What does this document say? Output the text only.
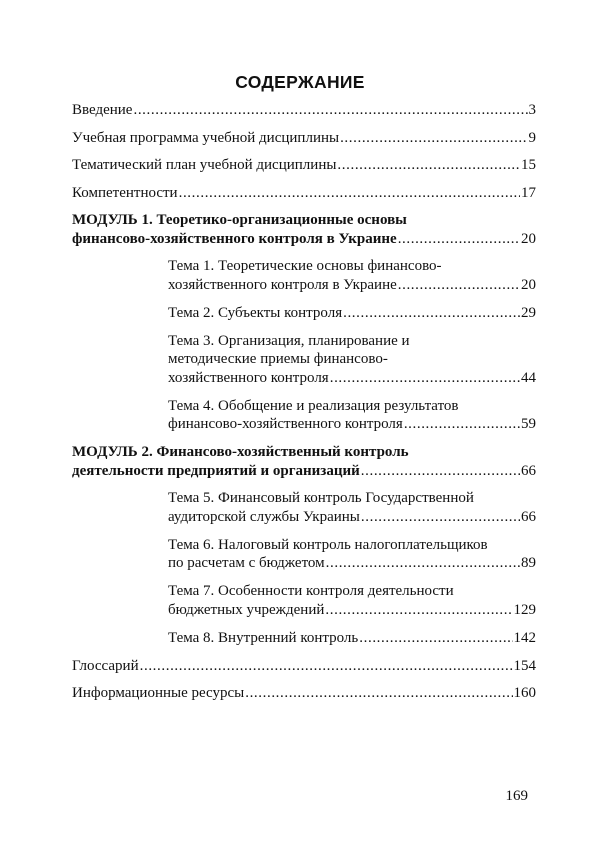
СОДЕРЖАНИЕ
Введение .....	3
Учебная программа учебной дисциплины .....	9
Тематический план учебной дисциплины .....	15
Компетентности .....	17
МОДУЛЬ 1. Теоретико-организационные основы
финансово-хозяйственного контроля в Украине .....	20
Тема 1. Теоретические основы финансово-
хозяйственного контроля в Украине .....	20
Тема 2. Субъекты контроля .....	29
Тема 3. Организация, планирование и
методические приемы финансово-
хозяйственного контроля .....	44
Тема 4. Обобщение и реализация результатов
финансово-хозяйственного контроля .....	59
МОДУЛЬ 2. Финансово-хозяйственный контроль
деятельности предприятий и организаций .....	66
Тема 5. Финансовый контроль Государственной
аудиторской службы Украины .....	66
Тема 6. Налоговый контроль налогоплательщиков
по расчетам с бюджетом .....	89
Тема 7. Особенности контроля деятельности
бюджетных учреждений .....	129
Тема 8. Внутренний контроль .....	142
Глоссарий .....	154
Информационные ресурсы .....	160
169
